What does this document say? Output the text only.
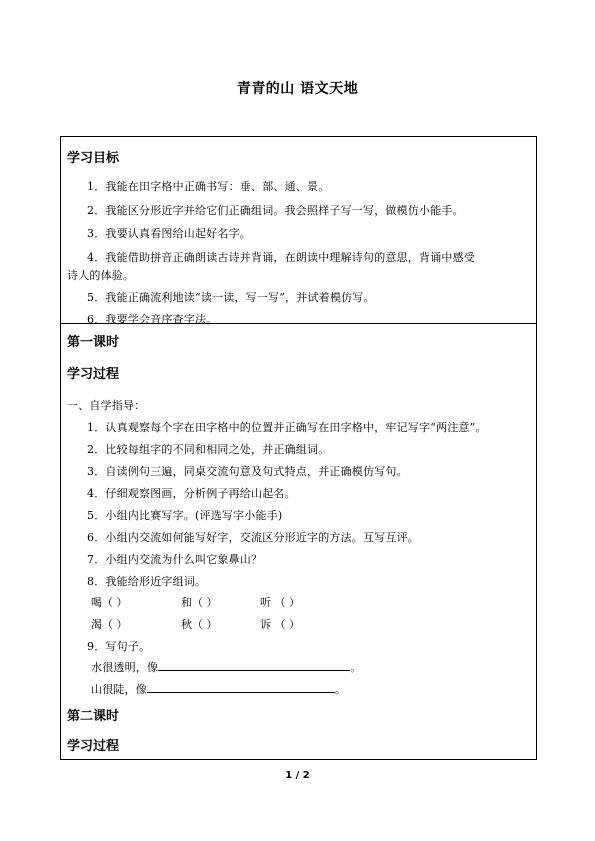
青青的山 语文天地
学习目标
1．我能在田字格中正确书写：垂、部、通、景。
2．我能区分形近字并给它们正确组词。我会照样子写一写，做模仿小能手。
3．我要认真看图给山起好名字。
4．我能借助拼音正确朗读古诗并背诵，在朗读中理解诗句的意思，背诵中感受
诗人的体验。
5．我能正确流利地读“读一读，写一写”，并试着模仿写。
6．我要学会音序查字法。
第一课时
学习过程
一、自学指导：
1．认真观察每个字在田字格中的位置并正确写在田字格中，牢记写字“两注意”。
2．比较每组字的不同和相同之处，并正确组词。
3．自读例句三遍，同桌交流句意及句式特点，并正确模仿写句。
4．仔细观察图画，分析例子再给山起名。
5．小组内比赛写字。(评选写字小能手)
6．小组内交流如何能写好字，交流区分形近字的方法。互写互评。
7．小组内交流为什么叫它象鼻山？
8．我能给形近字组词。
喝（ ）	和（ ）	听 （ ）
渴（ ）	秋（ ）	诉 （ ）
9．写句子。
水很透明，像	。
山很陡，像	。
第二课时
学习过程
1 / 2
